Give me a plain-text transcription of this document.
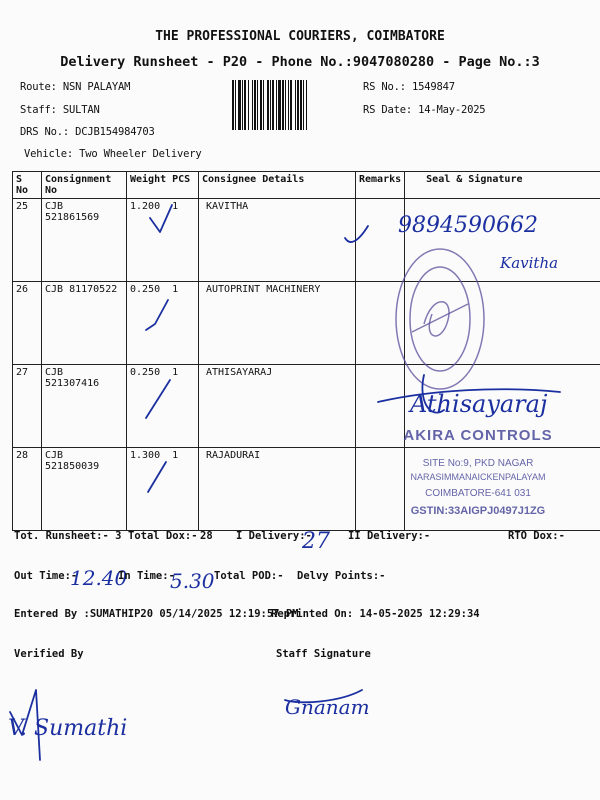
THE PROFESSIONAL COURIERS, COIMBATORE
Delivery Runsheet - P20 - Phone No.:9047080280 - Page No.:3
Route: NSN PALAYAM
Staff: SULTAN
DRS No.: DCJB154984703
Vehicle: Two Wheeler Delivery
RS No.: 1549847
RS Date: 14-May-2025
S No	Consignment No	Weight PCS	Consignee Details	Remarks	Seal & Signature
25	CJB 521861569	1.200 1	KAVITHA		
26	CJB 81170522	0.250 1	AUTOPRINT MACHINERY		
27	CJB 521307416	0.250 1	ATHISAYARAJ		
28	CJB 521850039	1.300 1	RAJADURAI		
9894590662
Kavitha
Athisayaraj
27
12.40 5.30
V. Sumathi
Gnanam
AKIRA CONTROLS
SITE No:9, PKD NAGAR
NARASIMMANAICKENPALAYAM
COIMBATORE-641 031
GSTIN:33AIGPJ0497J1ZG
Tot. Runsheet:- 3 Total Dox:- 28 I Delivery:-	II Delivery:-	RTO Dox:-
Out Time:-	In Time:-	Total POD:- Delvy Points:-
Entered By :SUMATHIP20 05/14/2025 12:19:57 PM
Reprinted On: 14-05-2025 12:29:34
Verified By	Staff Signature
